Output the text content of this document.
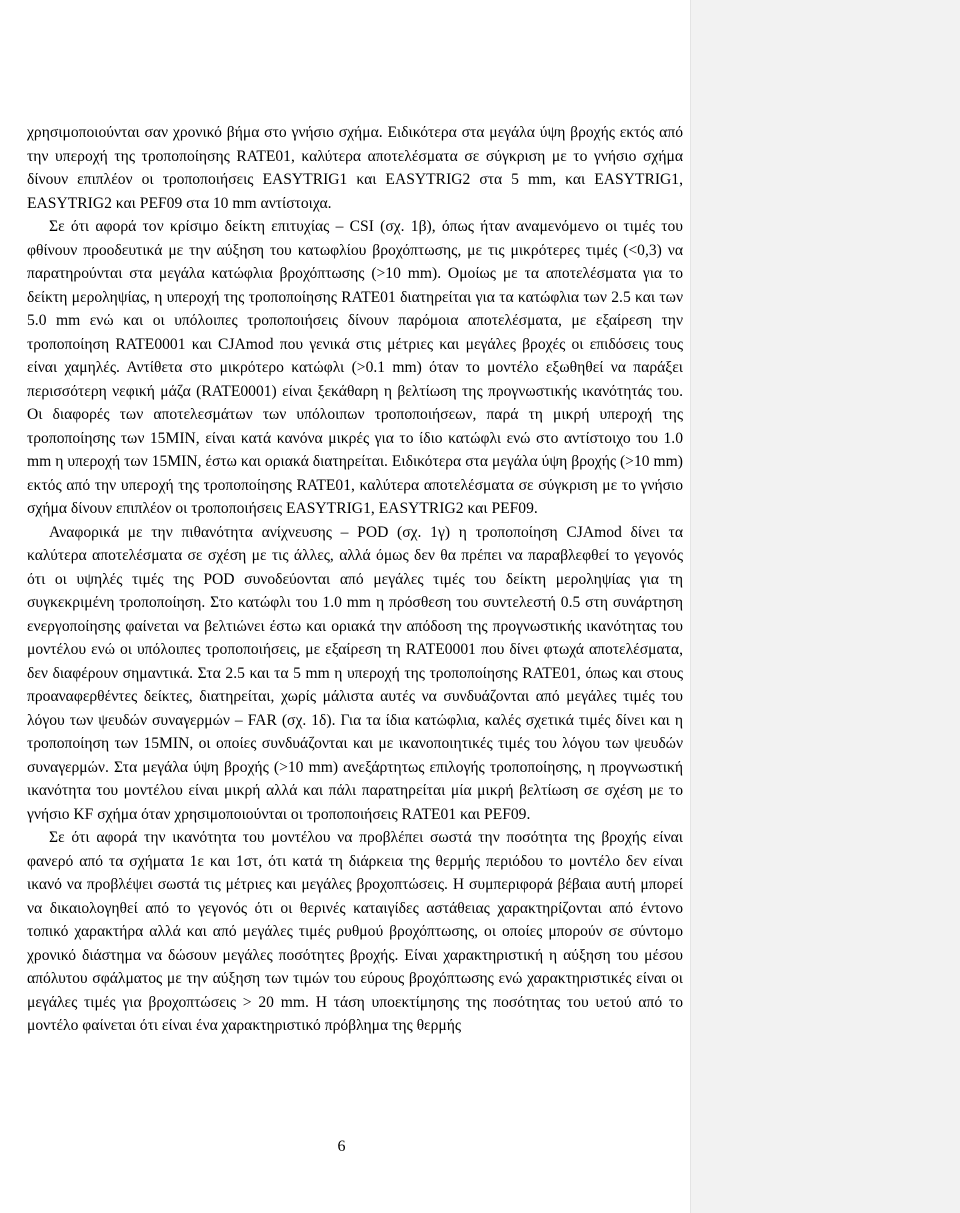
χρησιμοποιούνται σαν χρονικό βήμα στο γνήσιο σχήμα. Ειδικότερα στα μεγάλα ύψη βροχής εκτός από την υπεροχή της τροποποίησης RATE01, καλύτερα αποτελέσματα σε σύγκριση με το γνήσιο σχήμα δίνουν επιπλέον οι τροποποιήσεις EASYTRIG1 και EASYTRIG2 στα 5 mm, και EASYTRIG1, EASYTRIG2 και PEF09 στα 10 mm αντίστοιχα.

Σε ότι αφορά τον κρίσιμο δείκτη επιτυχίας – CSI (σχ. 1β), όπως ήταν αναμενόμενο οι τιμές του φθίνουν προοδευτικά με την αύξηση του κατωφλίου βροχόπτωσης, με τις μικρότερες τιμές (<0,3) να παρατηρούνται στα μεγάλα κατώφλια βροχόπτωσης (>10 mm). Ομοίως με τα αποτελέσματα για το δείκτη μεροληψίας, η υπεροχή της τροποποίησης RATE01 διατηρείται για τα κατώφλια των 2.5 και των 5.0 mm ενώ και οι υπόλοιπες τροποποιήσεις δίνουν παρόμοια αποτελέσματα, με εξαίρεση την τροποποίηση RATE0001 και CJAmod που γενικά στις μέτριες και μεγάλες βροχές οι επιδόσεις τους είναι χαμηλές. Αντίθετα στο μικρότερο κατώφλι (>0.1 mm) όταν το μοντέλο εξωθηθεί να παράξει περισσότερη νεφική μάζα (RATE0001) είναι ξεκάθαρη η βελτίωση της προγνωστικής ικανότητάς του. Οι διαφορές των αποτελεσμάτων των υπόλοιπων τροποποιήσεων, παρά τη μικρή υπεροχή της τροποποίησης των 15MIN, είναι κατά κανόνα μικρές για το ίδιο κατώφλι ενώ στο αντίστοιχο του 1.0 mm η υπεροχή των 15MIN, έστω και οριακά διατηρείται. Ειδικότερα στα μεγάλα ύψη βροχής (>10 mm) εκτός από την υπεροχή της τροποποίησης RATE01, καλύτερα αποτελέσματα σε σύγκριση με το γνήσιο σχήμα δίνουν επιπλέον οι τροποποιήσεις EASYTRIG1, EASYTRIG2 και PEF09.

Αναφορικά με την πιθανότητα ανίχνευσης – POD (σχ. 1γ) η τροποποίηση CJAmod δίνει τα καλύτερα αποτελέσματα σε σχέση με τις άλλες, αλλά όμως δεν θα πρέπει να παραβλεφθεί το γεγονός ότι οι υψηλές τιμές της POD συνοδεύονται από μεγάλες τιμές του δείκτη μεροληψίας για τη συγκεκριμένη τροποποίηση. Στο κατώφλι του 1.0 mm η πρόσθεση του συντελεστή 0.5 στη συνάρτηση ενεργοποίησης φαίνεται να βελτιώνει έστω και οριακά την απόδοση της προγνωστικής ικανότητας του μοντέλου ενώ οι υπόλοιπες τροποποιήσεις, με εξαίρεση τη RATE0001 που δίνει φτωχά αποτελέσματα, δεν διαφέρουν σημαντικά. Στα 2.5 και τα 5 mm η υπεροχή της τροποποίησης RATE01, όπως και στους προαναφερθέντες δείκτες, διατηρείται, χωρίς μάλιστα αυτές να συνδυάζονται από μεγάλες τιμές του λόγου των ψευδών συναγερμών – FAR (σχ. 1δ). Για τα ίδια κατώφλια, καλές σχετικά τιμές δίνει και η τροποποίηση των 15MIN, οι οποίες συνδυάζονται και με ικανοποιητικές τιμές του λόγου των ψευδών συναγερμών. Στα μεγάλα ύψη βροχής (>10 mm) ανεξάρτητως επιλογής τροποποίησης, η προγνωστική ικανότητα του μοντέλου είναι μικρή αλλά και πάλι παρατηρείται μία μικρή βελτίωση σε σχέση με το γνήσιο KF σχήμα όταν χρησιμοποιούνται οι τροποποιήσεις RATE01 και PEF09.

Σε ότι αφορά την ικανότητα του μοντέλου να προβλέπει σωστά την ποσότητα της βροχής είναι φανερό από τα σχήματα 1ε και 1στ, ότι κατά τη διάρκεια της θερμής περιόδου το μοντέλο δεν είναι ικανό να προβλέψει σωστά τις μέτριες και μεγάλες βροχοπτώσεις. Η συμπεριφορά βέβαια αυτή μπορεί να δικαιολογηθεί από το γεγονός ότι οι θερινές καταιγίδες αστάθειας χαρακτηρίζονται από έντονο τοπικό χαρακτήρα αλλά και από μεγάλες τιμές ρυθμού βροχόπτωσης, οι οποίες μπορούν σε σύντομο χρονικό διάστημα να δώσουν μεγάλες ποσότητες βροχής. Είναι χαρακτηριστική η αύξηση του μέσου απόλυτου σφάλματος με την αύξηση των τιμών του εύρους βροχόπτωσης ενώ χαρακτηριστικές είναι οι μεγάλες τιμές για βροχοπτώσεις > 20 mm. Η τάση υποεκτίμησης της ποσότητας του υετού από το μοντέλο φαίνεται ότι είναι ένα χαρακτηριστικό πρόβλημα της θερμής

6
